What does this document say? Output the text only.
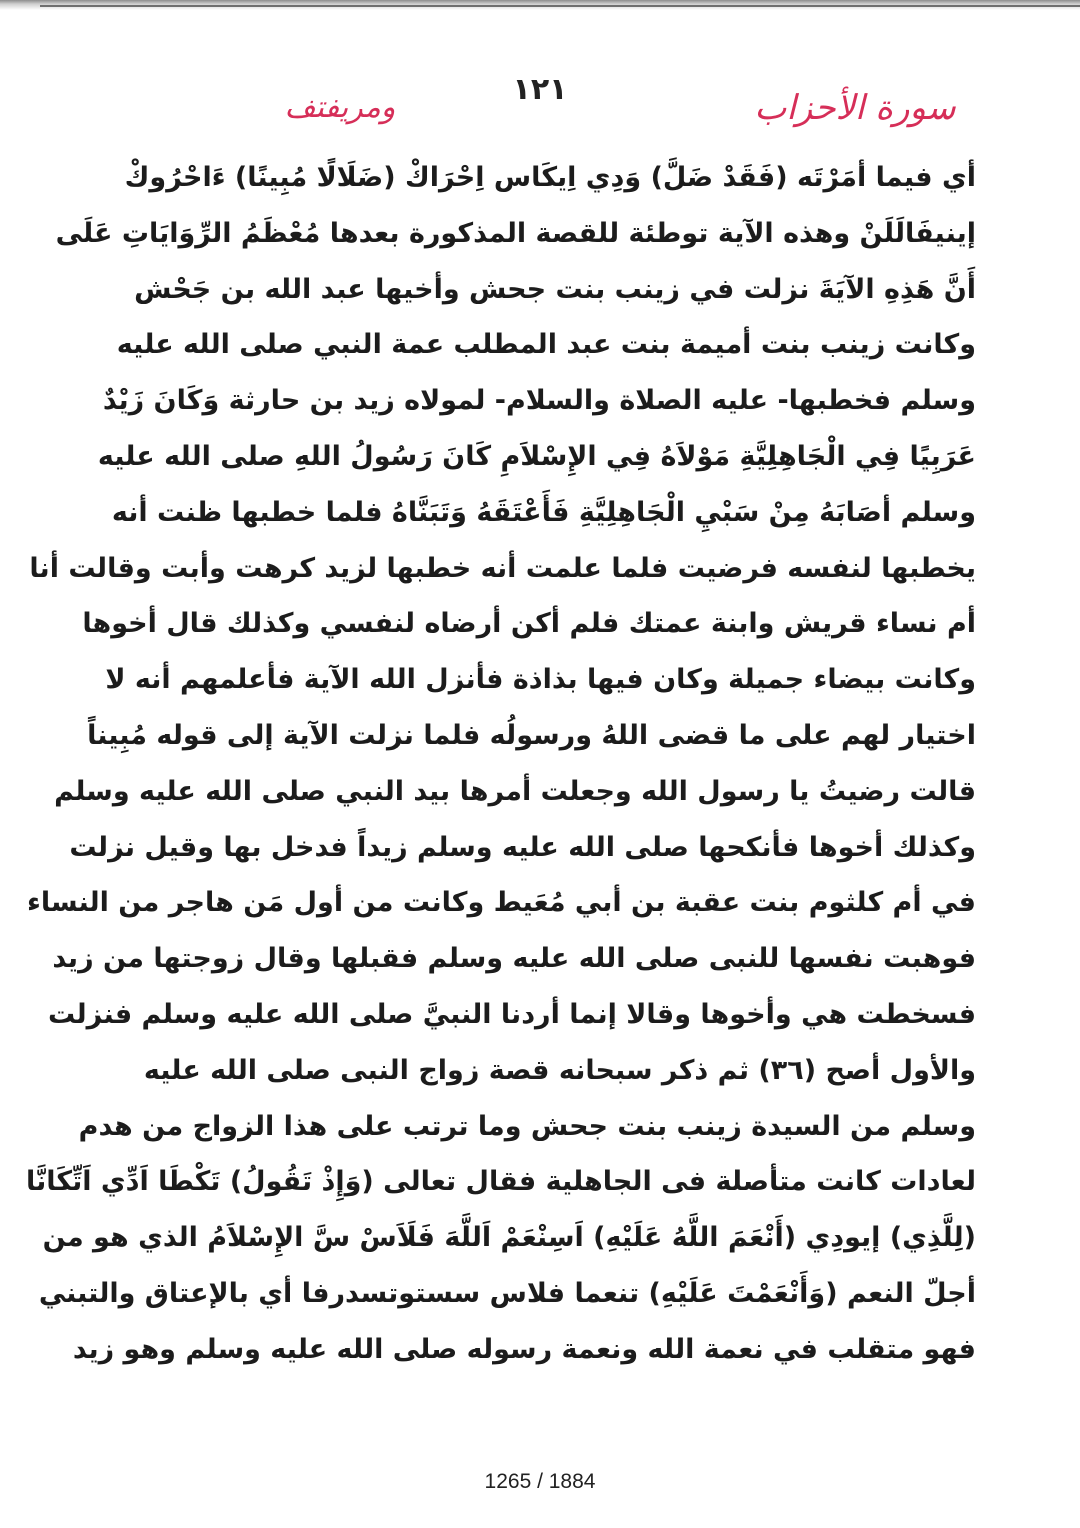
١٢١	سورة الأحزاب
ومريفتف
أي فيما أمَرْتَه (فَقَدْ ضَلَّ) وَدِي اِيكَاس اِحْرَاكْ (ضَلَالًا مُبِينًا) ءَاحْرُوكْ
إينيفَالَلَنْ وهذه الآية توطئة للقصة المذكورة بعدها مُعْظَمُ الرِّوَايَاتِ عَلَى
أَنَّ هَذِهِ الآيَةَ نزلت في زينب بنت جحش وأخيها عبد الله بن جَحْش
وكانت زينب بنت أميمة بنت عبد المطلب عمة النبي صلى الله عليه
وسلم فخطبها- عليه الصلاة والسلام- لمولاه زيد بن حارثة وَكَانَ زَيْدٌ
عَرَبِيًا فِي الْجَاهِلِيَّةِ مَوْلاَهُ فِي الإِسْلاَمِ كَانَ رَسُولُ اللهِ صلى الله عليه
وسلم أصَابَهُ مِنْ سَبْيِ الْجَاهِلِيَّةِ فَأَعْتَقَهُ وَتَبَنَّاهُ فلما خطبها ظنت أنه
يخطبها لنفسه فرضيت فلما علمت أنه خطبها لزيد كرهت وأبت وقالت أنا
أم نساء قريش وابنة عمتك فلم أكن أرضاه لنفسي وكذلك قال أخوها
وكانت بيضاء جميلة وكان فيها بذاذة فأنزل الله الآية فأعلمهم أنه لا
اختيار لهم على ما قضى اللهُ ورسولُه فلما نزلت الآية إلى قوله مُبِيناً
قالت رضيتُ يا رسول الله وجعلت أمرها بيد النبي صلى الله عليه وسلم
وكذلك أخوها فأنكحها صلى الله عليه وسلم زيداً فدخل بها وقيل نزلت
في أم كلثوم بنت عقبة بن أبي مُعَيط وكانت من أول مَن هاجر من النساء
فوهبت نفسها للنبى صلى الله عليه وسلم فقبلها وقال زوجتها من زيد
فسخطت هي وأخوها وقالا إنما أردنا النبيَّ صلى الله عليه وسلم فنزلت
والأول أصح (٣٦) ثم ذكر سبحانه قصة زواج النبى صلى الله عليه
وسلم من السيدة زينب بنت جحش وما ترتب على هذا الزواج من هدم
لعادات كانت متأصلة فى الجاهلية فقال تعالى (وَإِذْ تَقُولُ) تَكْطَا اَدِّي اَتِّكَانَّا
(لِلَّذِي) إيودِي (أَنْعَمَ اللَّهُ عَلَيْهِ) اَسِنْعَمْ اَللَّهَ فَلَاَسْ سَّ الإِسْلاَمُ الذي هو من
أجلّ النعم (وَأَنْعَمْتَ عَلَيْهِ) تنعما فلاس سستوتسدرفا أي بالإعتاق والتبني
فهو متقلب في نعمة الله ونعمة رسوله صلى الله عليه وسلم وهو زيد
1265 / 1884
